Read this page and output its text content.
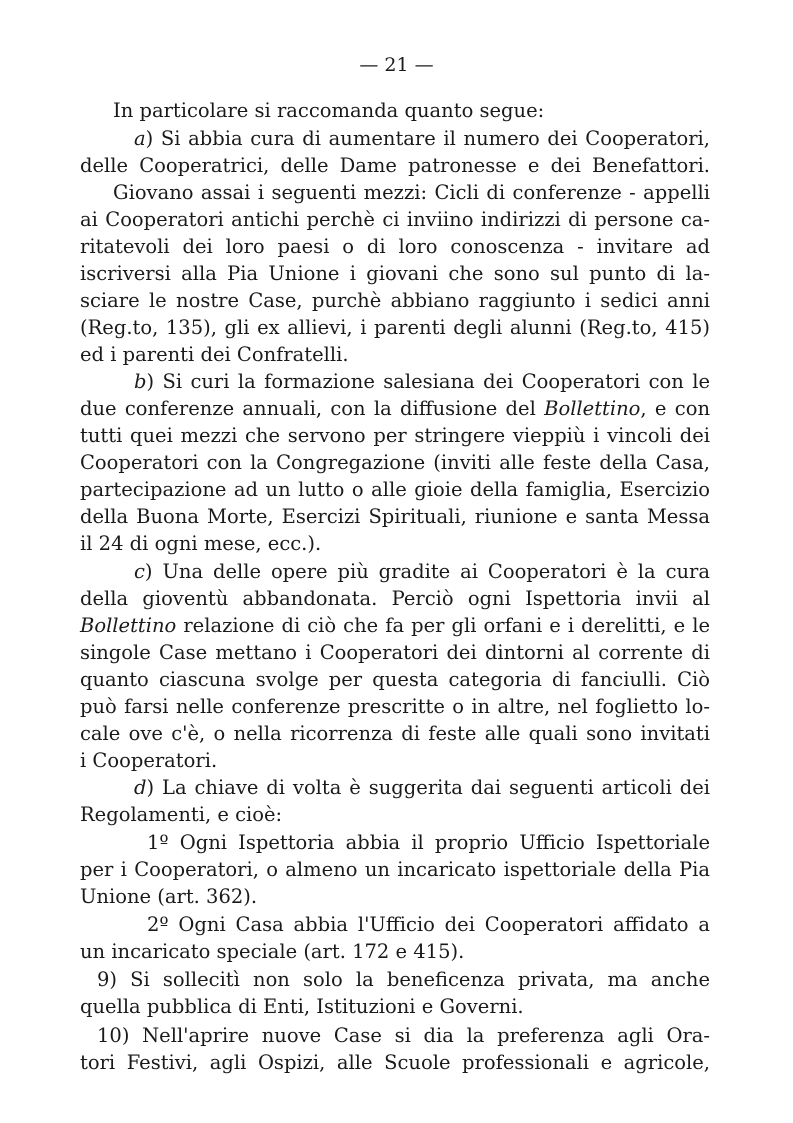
— 21 —
In particolare si raccomanda quanto segue:
a) Si abbia cura di aumentare il numero dei Cooperatori,
delle Cooperatrici, delle Dame patronesse e dei Benefattori.
Giovano assai i seguenti mezzi: Cicli di conferenze - appelli
ai Cooperatori antichi perchè ci inviino indirizzi di persone ca-
ritatevoli dei loro paesi o di loro conoscenza - invitare ad
iscriversi alla Pia Unione i giovani che sono sul punto di la-
sciare le nostre Case, purchè abbiano raggiunto i sedici anni
(Reg.to, 135), gli ex allievi, i parenti degli alunni (Reg.to, 415)
ed i parenti dei Confratelli.
b) Si curi la formazione salesiana dei Cooperatori con le
due conferenze annuali, con la diffusione del Bollettino, e con
tutti quei mezzi che servono per stringere vieppiù i vincoli dei
Cooperatori con la Congregazione (inviti alle feste della Casa,
partecipazione ad un lutto o alle gioie della famiglia, Esercizio
della Buona Morte, Esercizi Spirituali, riunione e santa Messa
il 24 di ogni mese, ecc.).
c) Una delle opere più gradite ai Cooperatori è la cura
della gioventù abbandonata. Perciò ogni Ispettoria invii al
Bollettino relazione di ciò che fa per gli orfani e i derelitti, e le
singole Case mettano i Cooperatori dei dintorni al corrente di
quanto ciascuna svolge per questa categoria di fanciulli. Ciò
può farsi nelle conferenze prescritte o in altre, nel foglietto lo-
cale ove c'è, o nella ricorrenza di feste alle quali sono invitati
i Cooperatori.
d) La chiave di volta è suggerita dai seguenti articoli dei
Regolamenti, e cioè:
1º Ogni Ispettoria abbia il proprio Ufficio Ispettoriale
per i Cooperatori, o almeno un incaricato ispettoriale della Pia
Unione (art. 362).
2º Ogni Casa abbia l'Ufficio dei Cooperatori affidato a
un incaricato speciale (art. 172 e 415).
9) Si sollecitì non solo la beneficenza privata, ma anche
quella pubblica di Enti, Istituzioni e Governi.
10) Nell'aprire nuove Case si dia la preferenza agli Ora-
tori Festivi, agli Ospizi, alle Scuole professionali e agricole,
